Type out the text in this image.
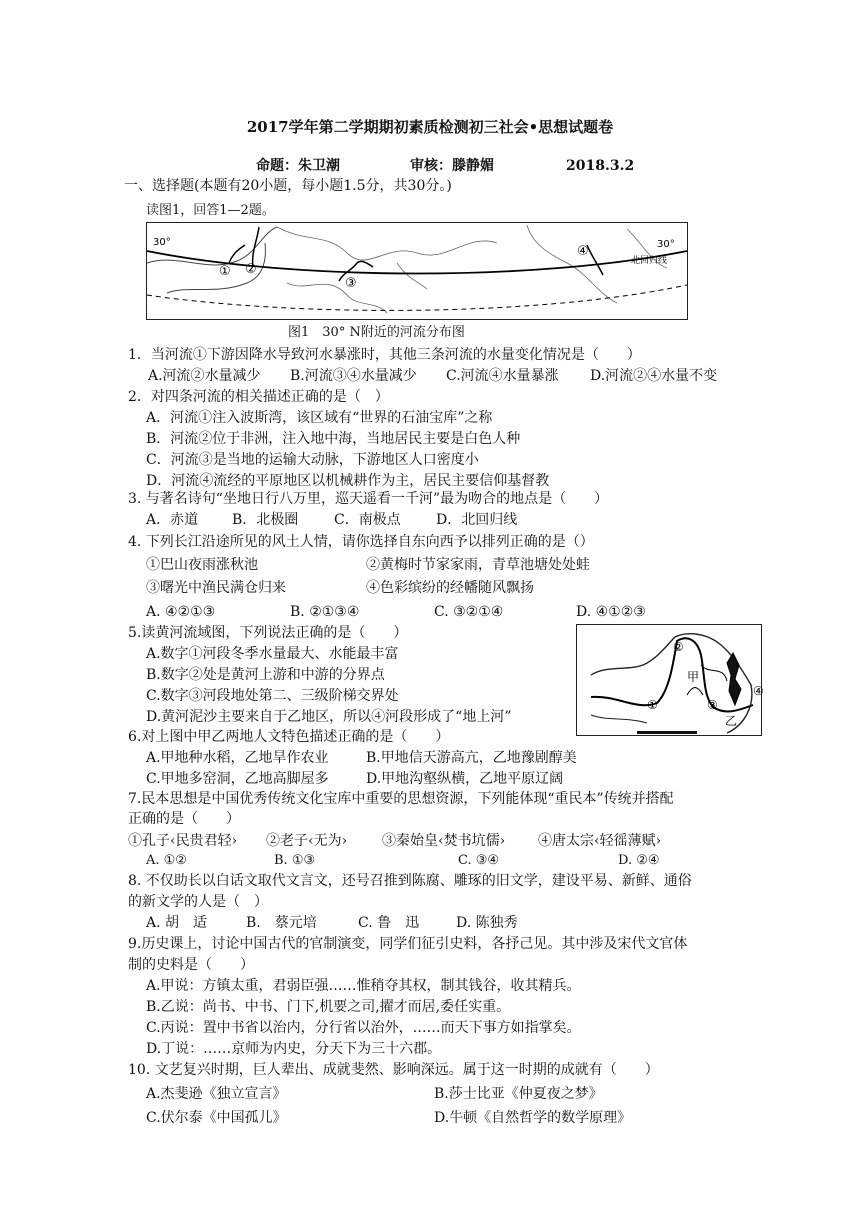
2017学年第二学期期初素质检测初三社会•思想试题卷
命题：朱卫潮	审核：滕静媚	2018.3.2
一、选择题(本题有20小题，每小题1.5分，共30分。)
读图1，回答1—2题。
30°	30°
北回归线
① ②
③
④
图1　30° N附近的河流分布图
1．当河流①下游因降水导致河水暴涨时，其他三条河流的水量变化情况是（　　）
A.河流②水量减少 B.河流③④水量减少 C.河流④水量暴涨 D.河流②④水量不变
2．对四条河流的相关描述正确的是（　）
A．河流①注入波斯湾，该区域有“世界的石油宝库”之称
B．河流②位于非洲，注入地中海，当地居民主要是白色人种
C．河流③是当地的运输大动脉，下游地区人口密度小
D．河流④流经的平原地区以机械耕作为主，居民主要信仰基督教
3. 与著名诗句“坐地日行八万里，巡天遥看一千河”最为吻合的地点是（　　）
A．赤道 B．北极圈	C．南极点	D．北回归线
4. 下列长江沿途所见的风土人情，请你选择自东向西予以排列正确的是（）
①巴山夜雨涨秋池	②黄梅时节家家雨，青草池塘处处蛙
③曙光中渔民满仓归来	④色彩缤纷的经幡随风飘扬
A. ④②①③	B. ②①③④	C. ③②①④	D. ④①②③
②
①	③
④
甲
乙
5.读黄河流域图，下列说法正确的是（　　）
A.数字①河段冬季水量最大、水能最丰富
B.数字②处是黄河上游和中游的分界点
C.数字③河段地处第二、三级阶梯交界处
D.黄河泥沙主要来自于乙地区，所以④河段形成了“地上河”
6.对上图中甲乙两地人文特色描述正确的是（　　）
A.甲地种水稻，乙地旱作农业	B.甲地信天游高亢，乙地豫剧醇美
C.甲地多窑洞，乙地高脚屋多	D.甲地沟壑纵横，乙地平原辽阔
7.民本思想是中国优秀传统文化宝库中重要的思想资源，下列能体现“重民本”传统并搭配
正确的是（　　）
①孔子‹民贵君轻› ②老子‹无为› ③秦始皇‹焚书坑儒› ④唐太宗‹轻徭薄赋›
A. ①②	B. ①③	C. ③④	D. ②④
8. 不仅助长以白话文取代文言文，还号召推到陈腐、雕琢的旧文学，建设平易、新鲜、通俗
的新文学的人是（　）
A. 胡　适	B.　蔡元培	C. 鲁　迅	D. 陈独秀
9.历史课上，讨论中国古代的官制演变，同学们征引史料，各抒己见。其中涉及宋代文官体
制的史料是（　　）
A.甲说：方镇太重，君弱臣强……惟稍夺其权，制其钱谷，收其精兵。
B.乙说：尚书、中书、门下,机要之司,擢才而居,委任实重。
C.丙说：置中书省以治内，分行省以治外，……而天下事方如指掌矣。
D.丁说：……京师为内史，分天下为三十六郡。
10. 文艺复兴时期，巨人辈出、成就斐然、影响深远。属于这一时期的成就有（　　）
A.杰斐逊《独立宣言》	B.莎士比亚《仲夏夜之梦》
C.伏尔泰《中国孤儿》	D.牛顿《自然哲学的数学原理》
